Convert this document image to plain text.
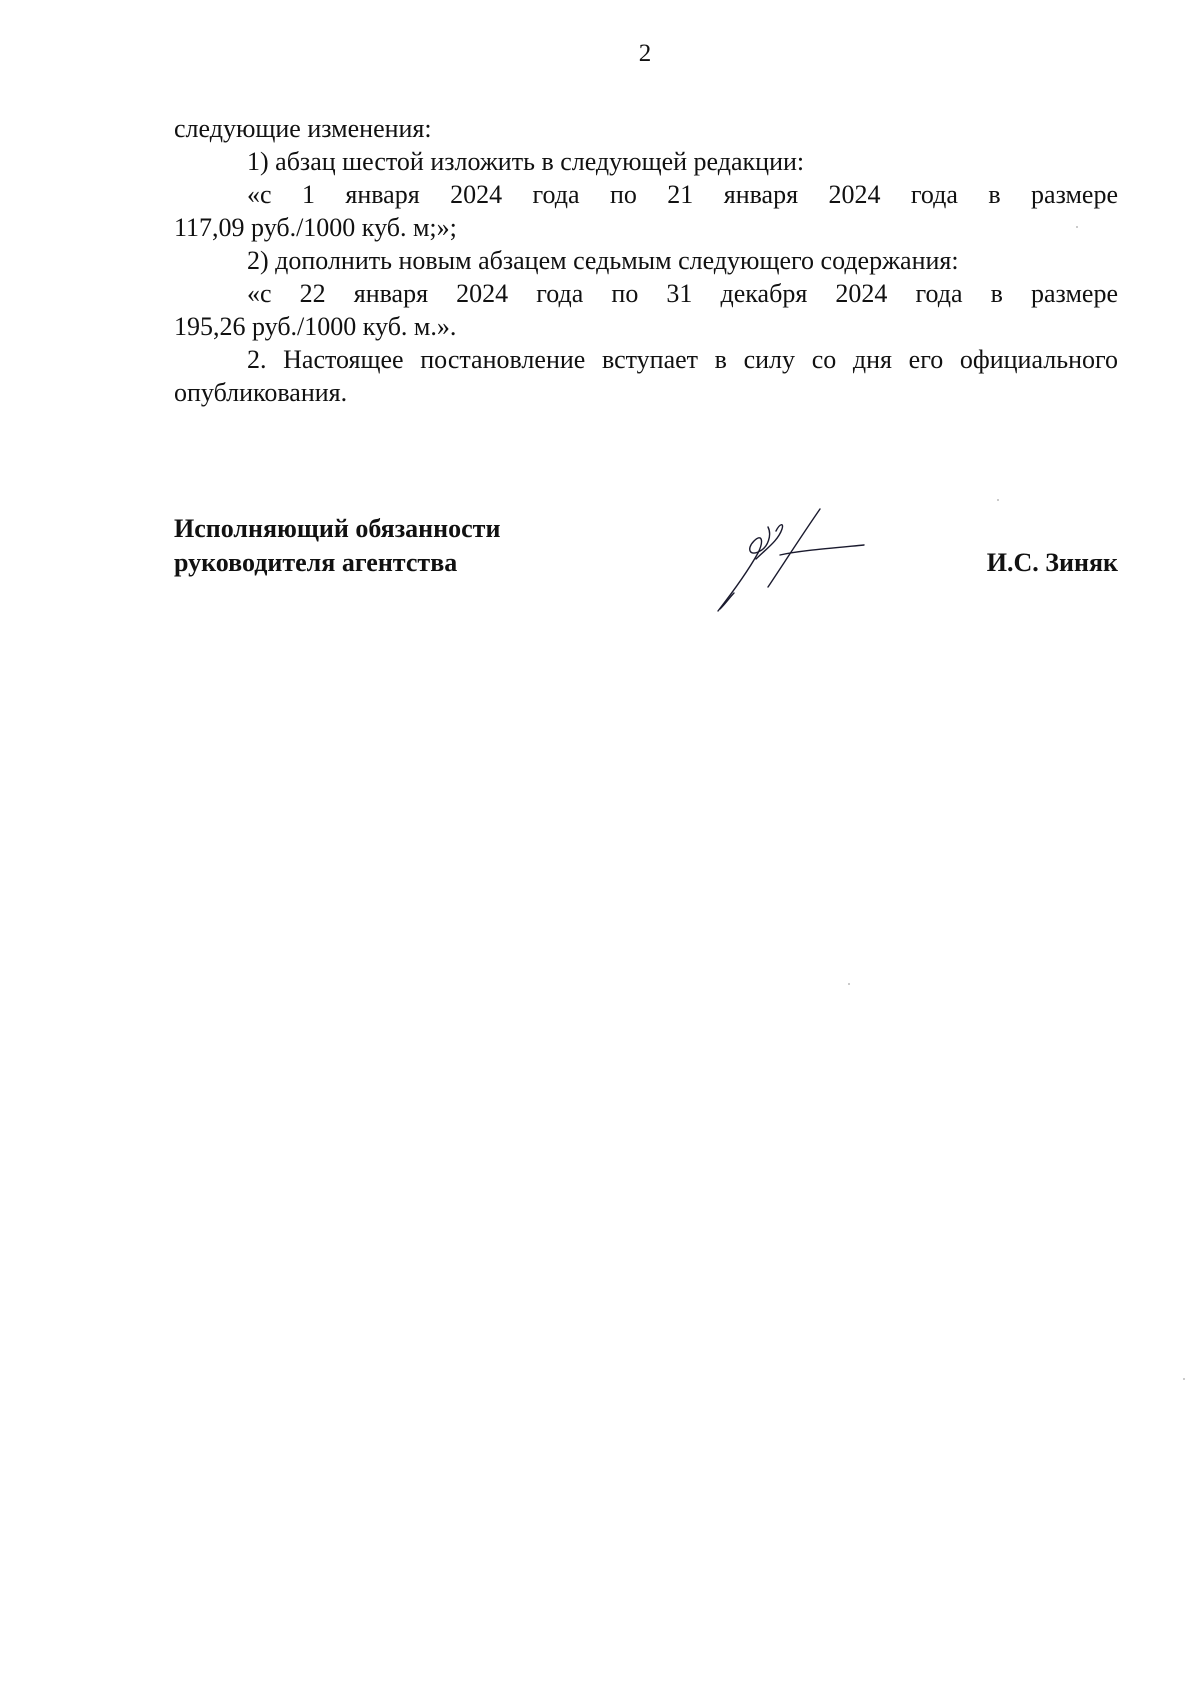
2

следующие изменения:

1) абзац шестой изложить в следующей редакции:

«с 1 января 2024 года по 21 января 2024 года в размере
117,09 руб./1000 куб. м;»;

2) дополнить новым абзацем седьмым следующего содержания:

«с 22 января 2024 года по 31 декабря 2024 года в размере
195,26 руб./1000 куб. м.».

2. Настоящее постановление вступает в силу со дня его официального опубликования.

Исполняющий обязанности
руководителя агентства	И.С. Зиняк
